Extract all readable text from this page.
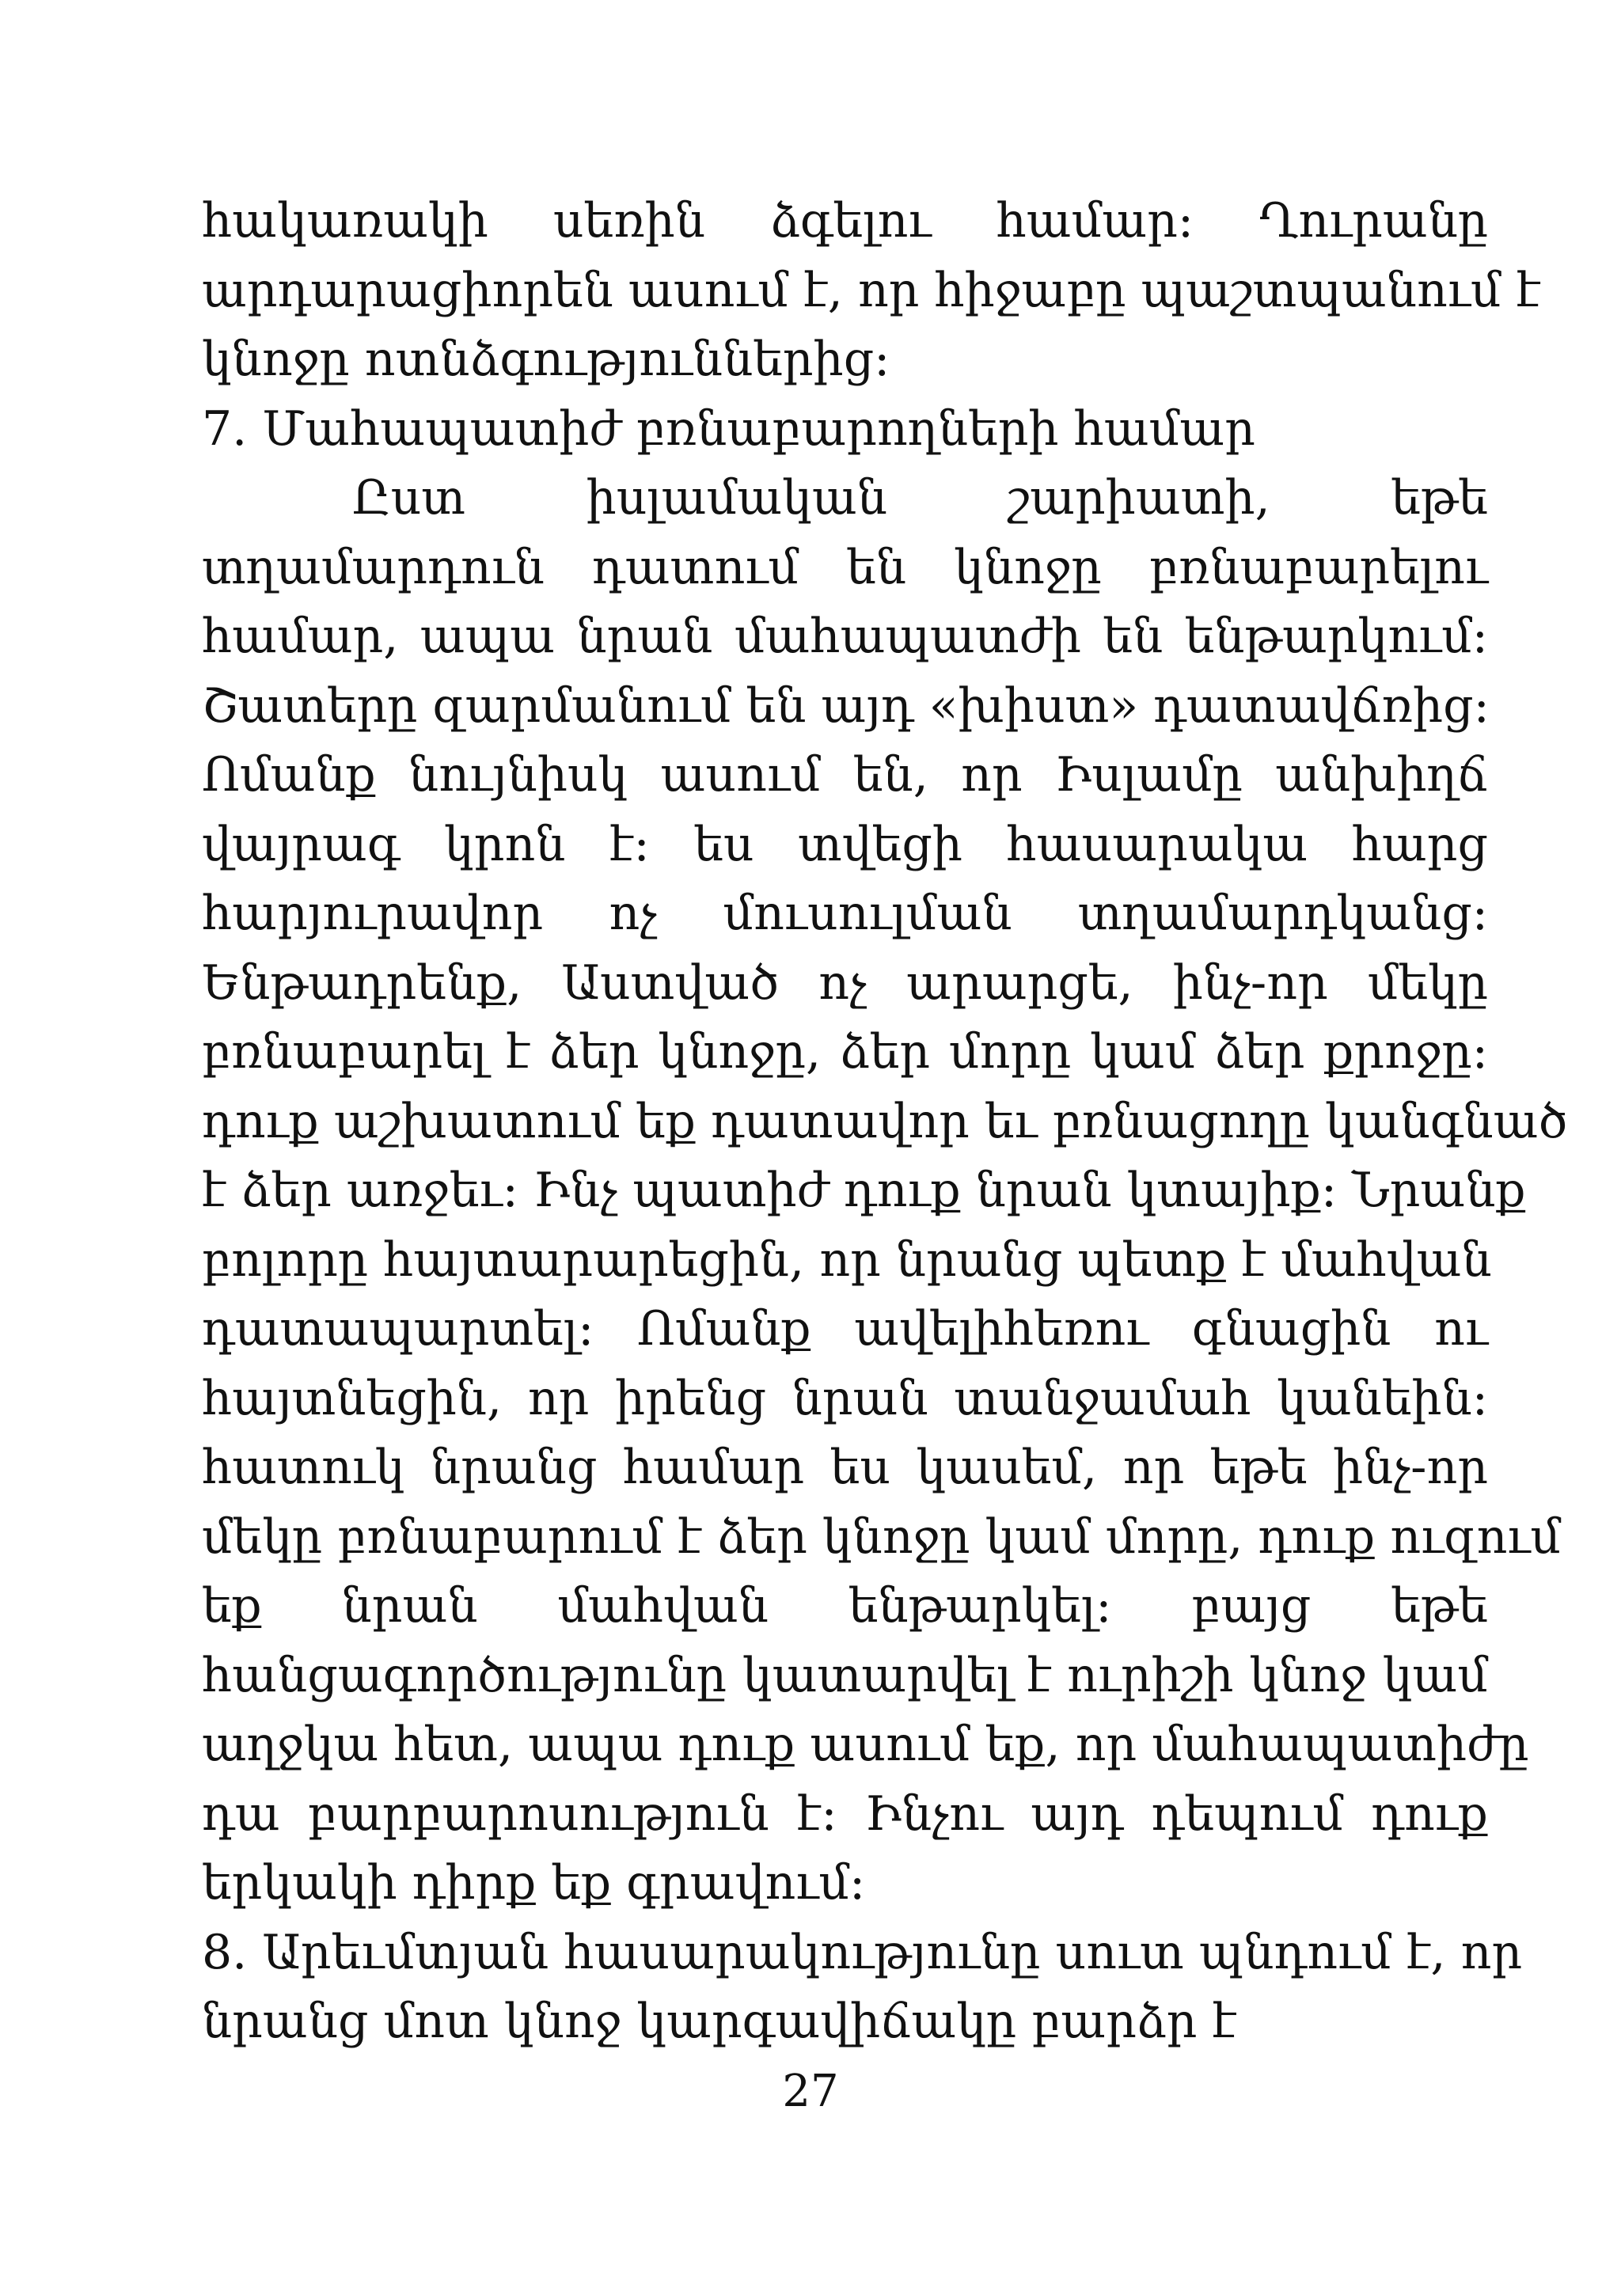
հակառակի սեռին ձգելու համար: Ղուրանը
արդարացիորեն ասում է, որ հիջաբը պաշտպանում է
կնոջը ոտնձգություններից:
7. Մահապատիժ բռնաբարողների համար
Ըստ իսլամական շարիատի, եթե
տղամարդուն դատում են կնոջը բռնաբարելու
համար, ապա նրան մահապատժի են ենթարկում:
Շատերը զարմանում են այդ «խիստ» դատավճռից:
Ոմանք նույնիսկ ասում են, որ Իսլամը անխիղճ
վայրագ կրոն է: ես տվեցի հասարակա հարց
հարյուրավոր ոչ մուսուլման տղամարդկանց:
Ենթադրենք, Աստված ոչ արարցե, ինչ-որ մեկը
բռնաբարել է ձեր կնոջը, ձեր մորը կամ ձեր քրոջը:
դուք աշխատում եք դատավոր եւ բռնացողը կանգնած
է ձեր առջեւ: Ինչ պատիժ դուք նրան կտայիք: Նրանք
բոլորը հայտարարեցին, որ նրանց պետք է մահվան
դատապարտել: Ոմանք ավելիհեռու գնացին ու
հայտնեցին, որ իրենց նրան տանջամահ կանեին:
հատուկ նրանց համար ես կասեմ, որ եթե ինչ-որ
մեկը բռնաբարում է ձեր կնոջը կամ մորը, դուք ուզում
եք նրան մահվան ենթարկել: բայց եթե
հանցագործությունը կատարվել է ուրիշի կնոջ կամ
աղջկա հետ, ապա դուք ասում եք, որ մահապատիժը
դա բարբարոսություն է: Ինչու այդ դեպում դուք
երկակի դիրք եք գրավում:
8. Արեւմտյան հասարակությունը սուտ պնդում է, որ
նրանց մոտ կնոջ կարգավիճակը բարձր է
27
